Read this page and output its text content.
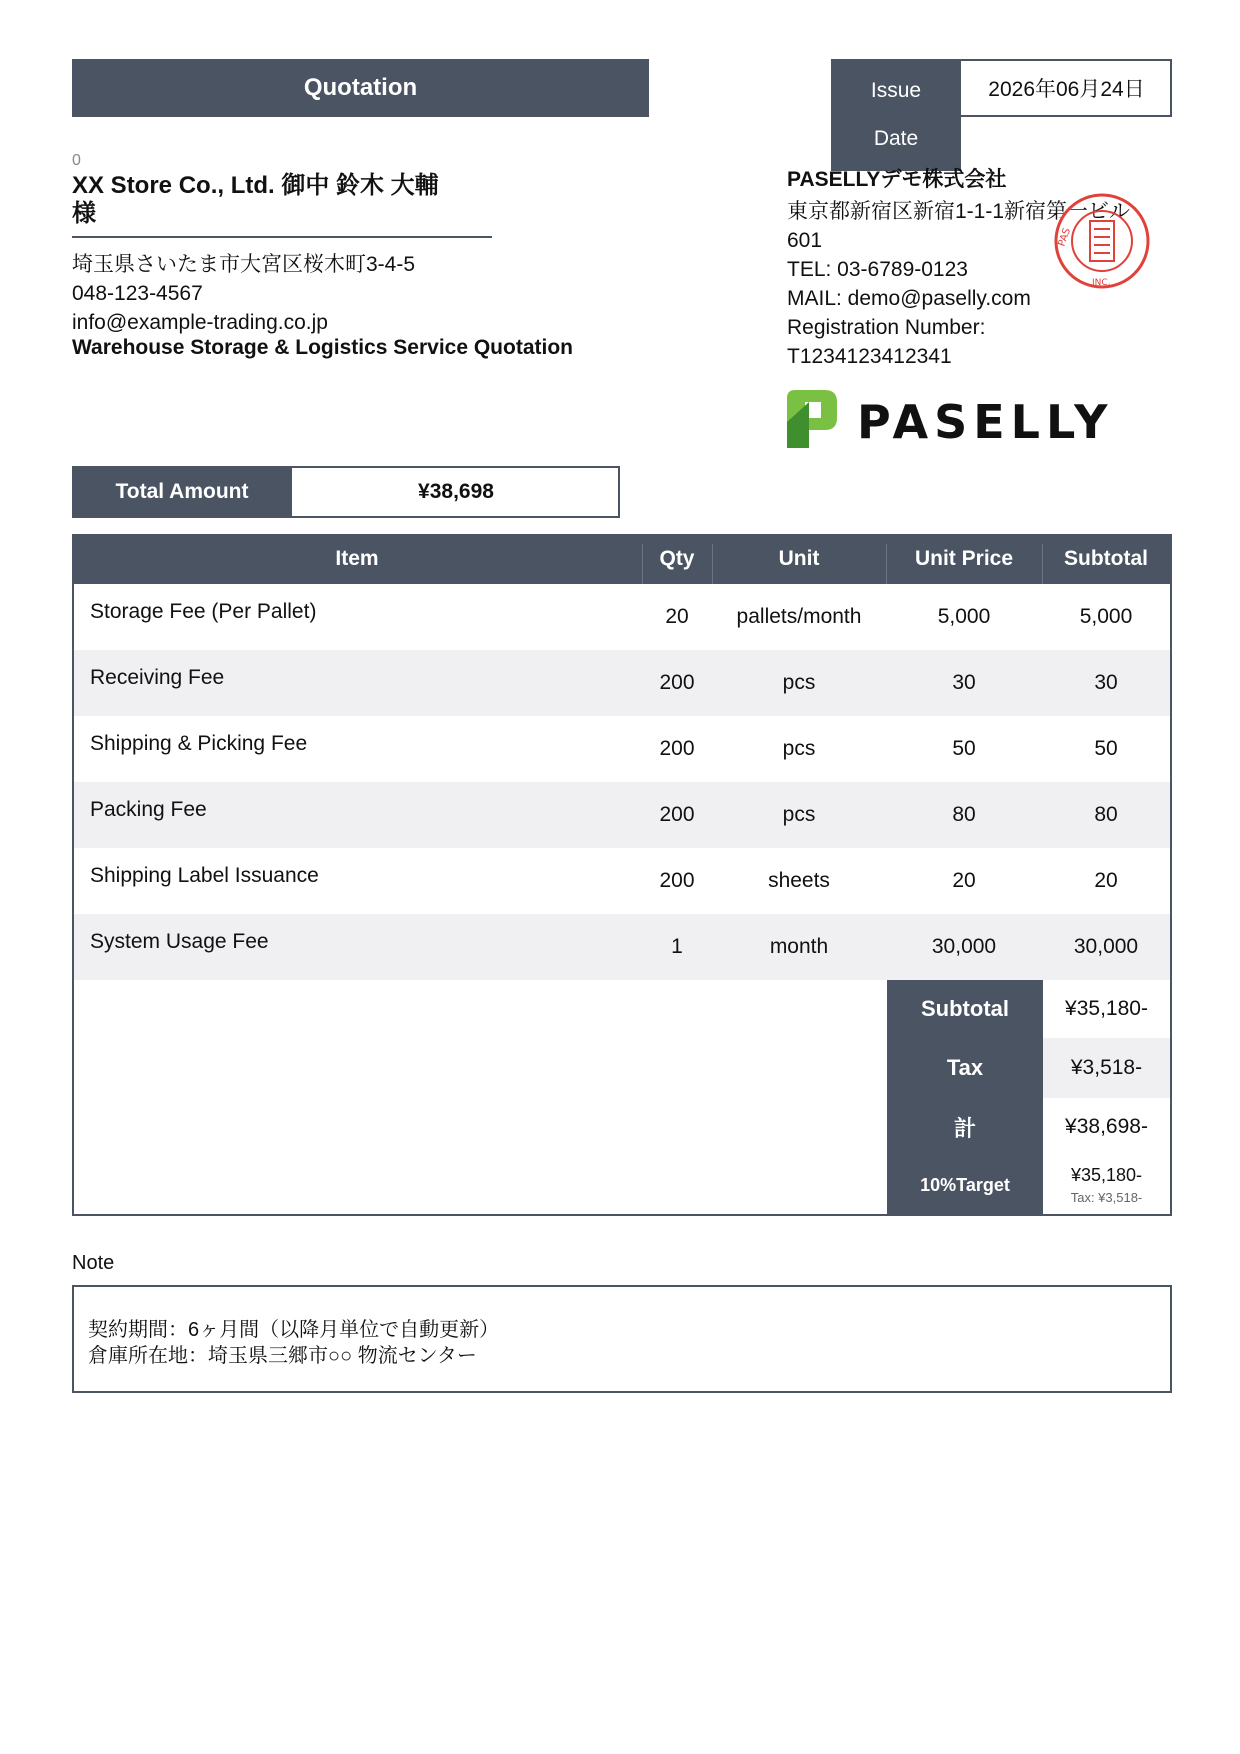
Quotation	Issue
Date
2026年06月24日
0
XX Store Co., Ltd. 御中 鈴木 大輔
様
埼玉県さいたま市大宮区桜木町3-4-5
048-123-4567
info@example-trading.co.jp
Warehouse Storage & Logistics Service Quotation
PASELLYデモ株式会社
東京都新宿区新宿1-1-1新宿第一ビル
601
TEL: 03-6789-0123
MAIL: demo@paselly.com
Registration Number:
T1234123412341
PAS
INC.
PASELLY
Total Amount	¥38,698
Item	Qty	Unit	Unit Price	Subtotal
Storage Fee (Per Pallet)	20	pallets/month	5,000	5,000
Receiving Fee	200	pcs	30	30
Shipping & Picking Fee	200	pcs	50	50
Packing Fee	200	pcs	80	80
Shipping Label Issuance	200	sheets	20	20
System Usage Fee	1	month	30,000	30,000
Subtotal	¥35,180-
Tax	¥3,518-
計	¥38,698-
10%Target	¥35,180-
Tax: ¥3,518-
Note
契約期間：6ヶ月間（以降月単位で自動更新）
倉庫所在地：埼玉県三郷市○○ 物流センター
